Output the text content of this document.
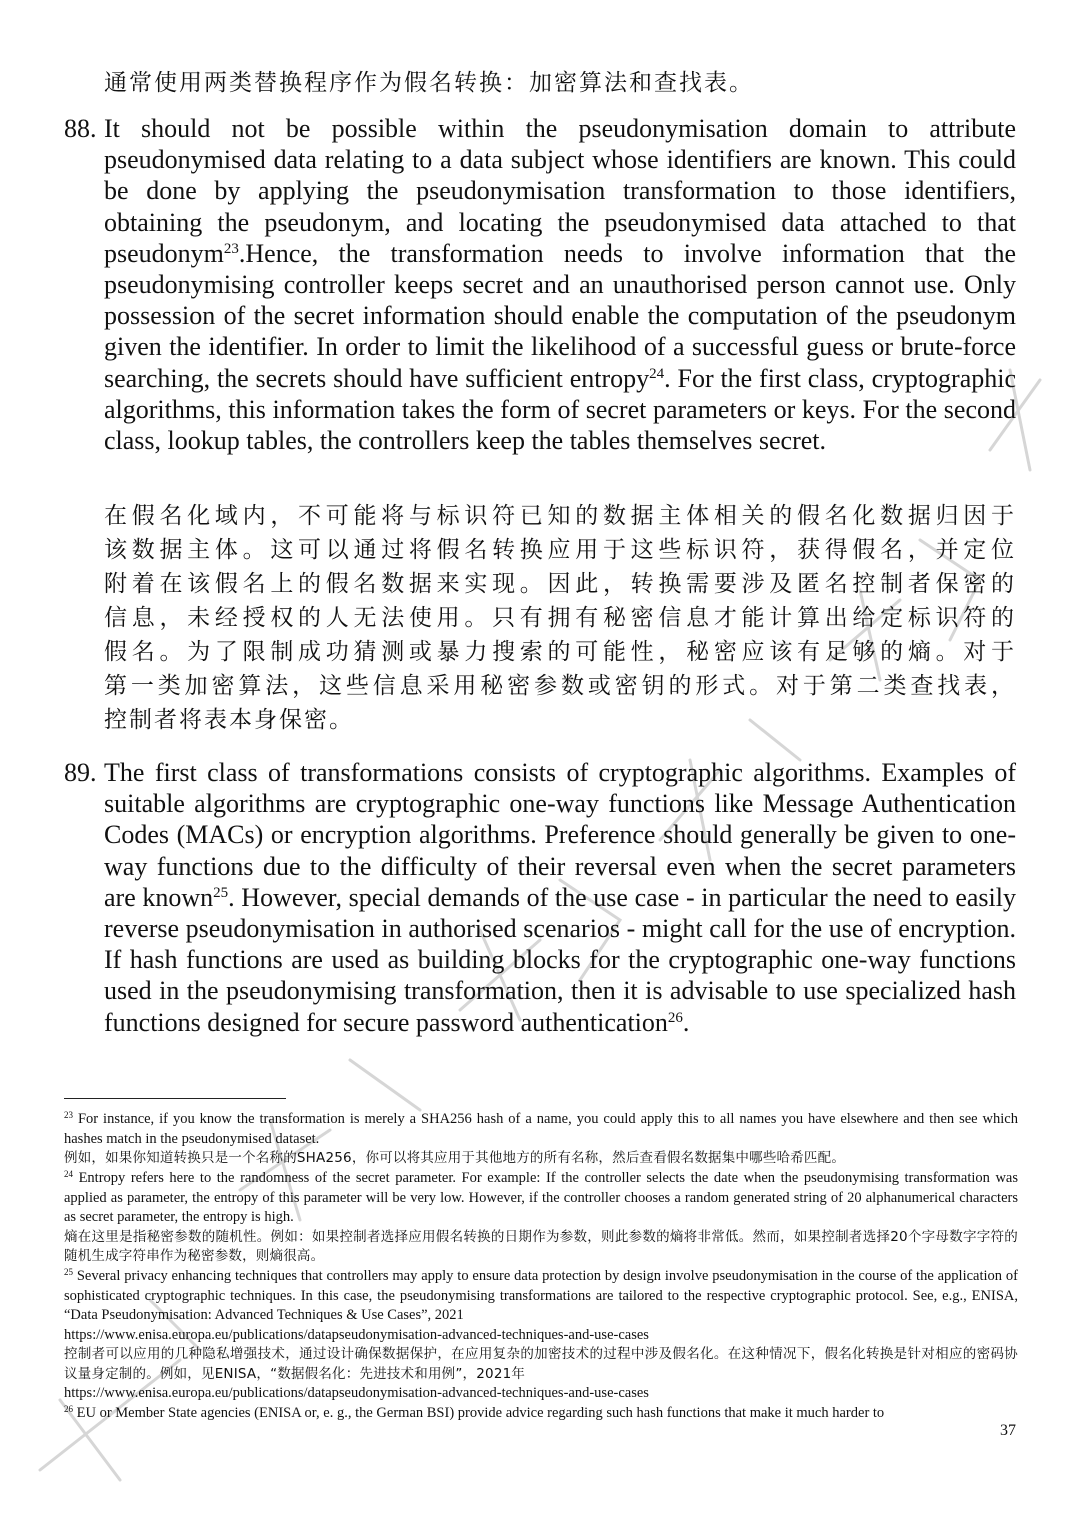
通常使用两类替换程序作为假名转换：加密算法和查找表。
88. It should not be possible within the pseudonymisation domain to attribute pseudonymised data relating to a data subject whose identifiers are known. This could be done by applying the pseudonymisation transformation to those identifiers, obtaining the pseudonym, and locating the pseudonymised data attached to that pseudonym$^{23}$.Hence, the transformation needs to involve information that the pseudonymising controller keeps secret and an unauthorised person cannot use. Only possession of the secret information should enable the computation of the pseudonym given the identifier. In order to limit the likelihood of a successful guess or brute-force searching, the secrets should have sufficient entropy$^{24}$. For the first class, cryptographic algorithms, this information takes the form of secret parameters or keys. For the second class, lookup tables, the controllers keep the tables themselves secret.
在假名化域内，不可能将与标识符已知的数据主体相关的假名化数据归因于
该数据主体。这可以通过将假名转换应用于这些标识符，获得假名，并定位
附着在该假名上的假名数据来实现。因此，转换需要涉及匿名控制者保密的
信息，未经授权的人无法使用。只有拥有秘密信息才能计算出给定标识符的
假名。为了限制成功猜测或暴力搜索的可能性，秘密应该有足够的熵。对于
第一类加密算法，这些信息采用秘密参数或密钥的形式。对于第二类查找表，
控制者将表本身保密。
89. The first class of transformations consists of cryptographic algorithms. Examples of suitable algorithms are cryptographic one-way functions like Message Authentication Codes (MACs) or encryption algorithms. Preference should generally be given to one-way functions due to the difficulty of their reversal even when the secret parameters are known$^{25}$. However, special demands of the use case - in particular the need to easily reverse pseudonymisation in authorised scenarios - might call for the use of encryption. If hash functions are used as building blocks for the cryptographic one-way functions used in the pseudonymising transformation, then it is advisable to use specialized hash functions designed for secure password authentication$^{26}$.
$^{23}$ For instance, if you know the transformation is merely a SHA256 hash of a name, you could apply this to all names you have elsewhere and then see which hashes match in the pseudonymised dataset.
例如，如果你知道转换只是一个名称的SHA256，你可以将其应用于其他地方的所有名称，然后查看假名数据集中哪些哈希匹配。
$^{24}$ Entropy refers here to the randomness of the secret parameter. For example: If the controller selects the date when the pseudonymising transformation was applied as parameter, the entropy of this parameter will be very low. However, if the controller chooses a random generated string of 20 alphanumerical characters as secret parameter, the entropy is high.
熵在这里是指秘密参数的随机性。例如：如果控制者选择应用假名转换的日期作为参数，则此参数的熵将非常低。然而，如果控制者选择20个字母数字字符的随机生成字符串作为秘密参数，则熵很高。
$^{25}$ Several privacy enhancing techniques that controllers may apply to ensure data protection by design involve pseudonymisation in the course of the application of sophisticated cryptographic techniques. In this case, the pseudonymising transformations are tailored to the respective cryptographic protocol. See, e.g., ENISA, “Data Pseudonymisation: Advanced Techniques & Use Cases”, 2021
https://www.enisa.europa.eu/publications/datapseudonymisation-advanced-techniques-and-use-cases
控制者可以应用的几种隐私增强技术，通过设计确保数据保护，在应用复杂的加密技术的过程中涉及假名化。在这种情况下，假名化转换是针对相应的密码协议量身定制的。例如，见ENISA，“数据假名化：先进技术和用例”，2021年
https://www.enisa.europa.eu/publications/datapseudonymisation-advanced-techniques-and-use-cases
$^{26}$ EU or Member State agencies (ENISA or, e. g., the German BSI) provide advice regarding such hash functions that make it much harder to
37
